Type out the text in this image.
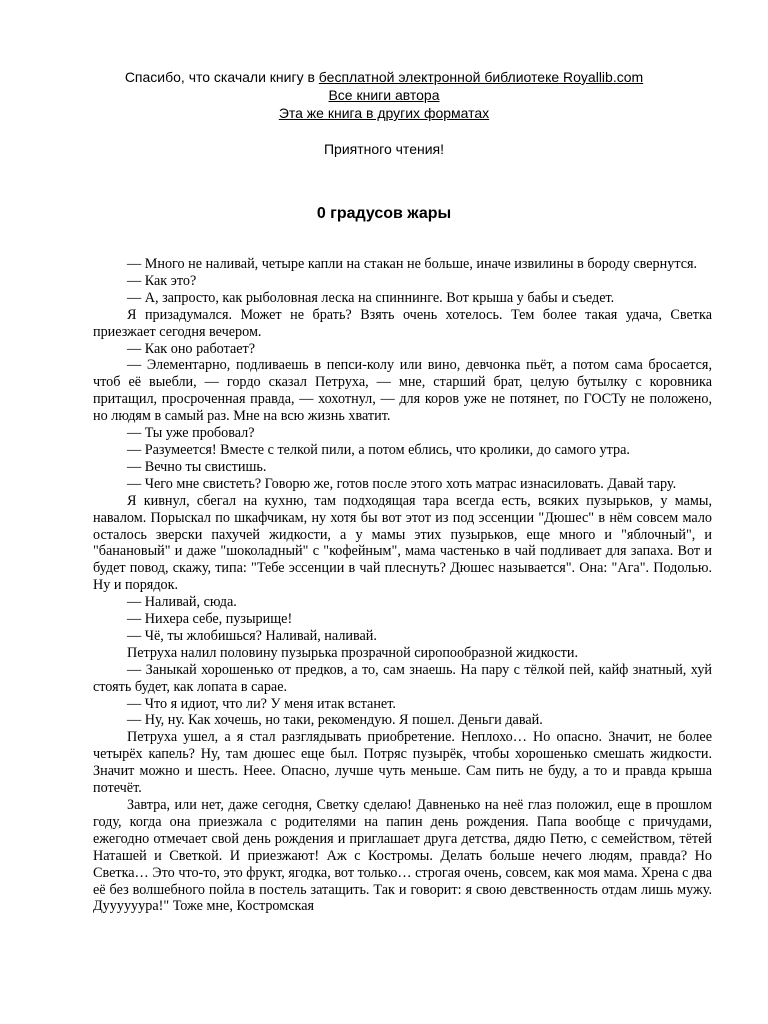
Спасибо, что скачали книгу в бесплатной электронной библиотеке Royallib.com
Все книги автора
Эта же книга в других форматах
Приятного чтения!
0 градусов жары

— Много не наливай, четыре капли на стакан не больше, иначе извилины в бороду свернутся.

— Как это?

— А, запросто, как рыболовная леска на спиннинге. Вот крыша у бабы и съедет.

Я призадумался. Может не брать? Взять очень хотелось. Тем более такая удача, Светка приезжает сегодня вечером.

— Как оно работает?

— Элементарно, подливаешь в пепси-колу или вино, девчонка пьёт, а потом сама бросается, чтоб её выебли, — гордо сказал Петруха, — мне, старший брат, целую бутылку с коровника притащил, просроченная правда, — хохотнул, — для коров уже не потянет, по ГОСТу не положено, но людям в самый раз. Мне на всю жизнь хватит.

— Ты уже пробовал?

— Разумеется! Вместе с телкой пили, а потом еблись, что кролики, до самого утра.

— Вечно ты свистишь.

— Чего мне свистеть? Говорю же, готов после этого хоть матрас изнасиловать. Давай тару.

Я кивнул, сбегал на кухню, там подходящая тара всегда есть, всяких пузырьков, у мамы, навалом. Порыскал по шкафчикам, ну хотя бы вот этот из под эссенции "Дюшес" в нём совсем мало осталось зверски пахучей жидкости, а у мамы этих пузырьков, еще много и "яблочный", и "банановый" и даже "шоколадный" с "кофейным", мама частенько в чай подливает для запаха. Вот и будет повод, скажу, типа: "Тебе эссенции в чай плеснуть? Дюшес называется". Она: "Ага". Подолью. Ну и порядок.

— Наливай, сюда.

— Нихера себе, пузырище!

— Чё, ты жлобишься? Наливай, наливай.

Петруха налил половину пузырька прозрачной сиропообразной жидкости.

— Заныкай хорошенько от предков, а то, сам знаешь. На пару с тёлкой пей, кайф знатный, хуй стоять будет, как лопата в сарае.

— Что я идиот, что ли? У меня итак встанет.

— Ну, ну. Как хочешь, но таки, рекомендую. Я пошел. Деньги давай.

Петруха ушел, а я стал разглядывать приобретение. Неплохо… Но опасно. Значит, не более четырёх капель? Ну, там дюшес еще был. Потряс пузырёк, чтобы хорошенько смешать жидкости. Значит можно и шесть. Нeee. Опасно, лучше чуть меньше. Сам пить не буду, а то и правда крыша потечёт.

Завтра, или нет, даже сегодня, Светку сделаю! Давненько на неё глаз положил, еще в прошлом году, когда она приезжала с родителями на папин день рождения. Папа вообще с причудами, ежегодно отмечает свой день рождения и приглашает друга детства, дядю Петю, с семейством, тётей Наташей и Светкой. И приезжают! Аж с Костромы. Делать больше нечего людям, правда? Но Светка… Это что-то, это фрукт, ягодка, вот только… строгая очень, совсем, как моя мама. Хрена с два её без волшебного пойла в постель затащить. Так и говорит: я свою девственность отдам лишь мужу. Дуууууура!" Тоже мне, Костромская
